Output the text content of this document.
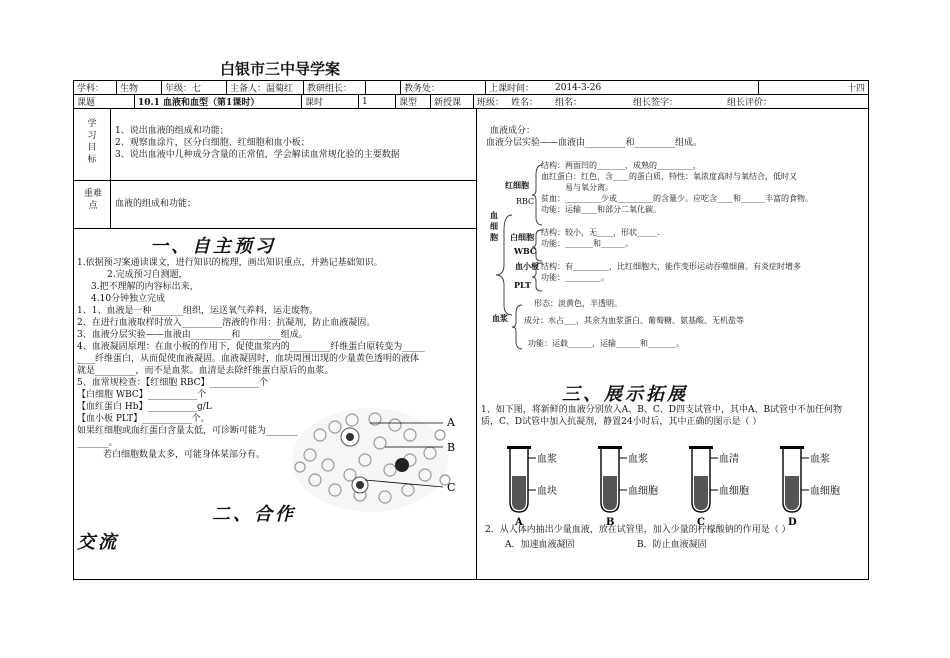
白银市三中导学案
学科：	生物	年级：七	主备人：温菊红	教研组长：		教务处：	上课时间：	2014-3-26	十四
课题	10.1 血液和血型（第1课时）	课时	1	课型	新授课	班级：	姓名：	组名：	组长签字：	组长评价：
学
习
目
标
1、说出血液的组成和功能；
2、观察血涂片，区分白细胞、红细胞和血小板；
3、说出血液中几种成分含量的正常值，学会解读血常规化验的主要数据
重难
点	血液的组成和功能；
一、自主预习
1.依据预习案通读课文，进行知识的梳理，画出知识重点，并熟记基础知识。
2.完成预习自测题，
3.把不理解的内容标出来，
4.10分钟独立完成
1、1、血液是一种_______组织，运送氧气养料，运走废物。
2、在进行血液取样时放入_________溶液的作用：抗凝剂，防止血液凝固。
3、血液分层实验——血液由_________和_________组成。
4、血液凝固原理：在血小板的作用下，促使血浆内的_________纤维蛋白原转变为_____
____纤维蛋白，从而促使血液凝固。血液凝固时，血块周围出现的少量黄色透明的液体
就是_________，而不是血浆。血清是去除纤维蛋白原后的血浆。
5、血常规检查：【红细胞 RBC】___________个
【白细胞 WBC】___________个
【血红蛋白 Hb】___________g/L
【血小板 PLT】___________个。
如果红细胞或血红蛋白含量太低，可诊断可能为_______
_______。
若白细胞数量太多，可能身体某部分有。
A
B
C
二、合作
交流
血液成分：
血液分层实验——血液由_________和_________组成。
血细胞
红细胞
RBC
结构：两面凹的_______，成熟的_________，
血红蛋白：红色，含____的蛋白质，特性：氧浓度高时与氧结合，低时又
易与氧分离。
贫血：_________少或_________的含量少。应吃含____和______丰富的食物。
功能：运输____和部分二氧化碳。
白细胞
WBC
结构：较小，无____，形状_____.
功能：_______和______。
血小板
PLT
结构：有_________，比红细胞大，能作变形运动吞噬细菌。有炎症时增多
功能：_________。
血浆
形态：淡黄色，半透明。
成分：水占___，其余为血浆蛋白、葡萄糖、氨基酸、无机盐等
功能：运载______，运输______和_______。
三、展示拓展
1、如下图，将新鲜的血液分别放入A、B、C、D四支试管中，其中A、B试管中不加任何物
质，C、D试管中加入抗凝剂，静置24小时后，其中正确的图示是（ ）
血浆
血块
A
血浆
血细胞
B
血清
血细胞
C
血浆
血细胞
D
2．从人体内抽出少量血液，放在试管里，加入少量的柠檬酸钠的作用是（ ）
A．加速血液凝固	B．防止血液凝固
